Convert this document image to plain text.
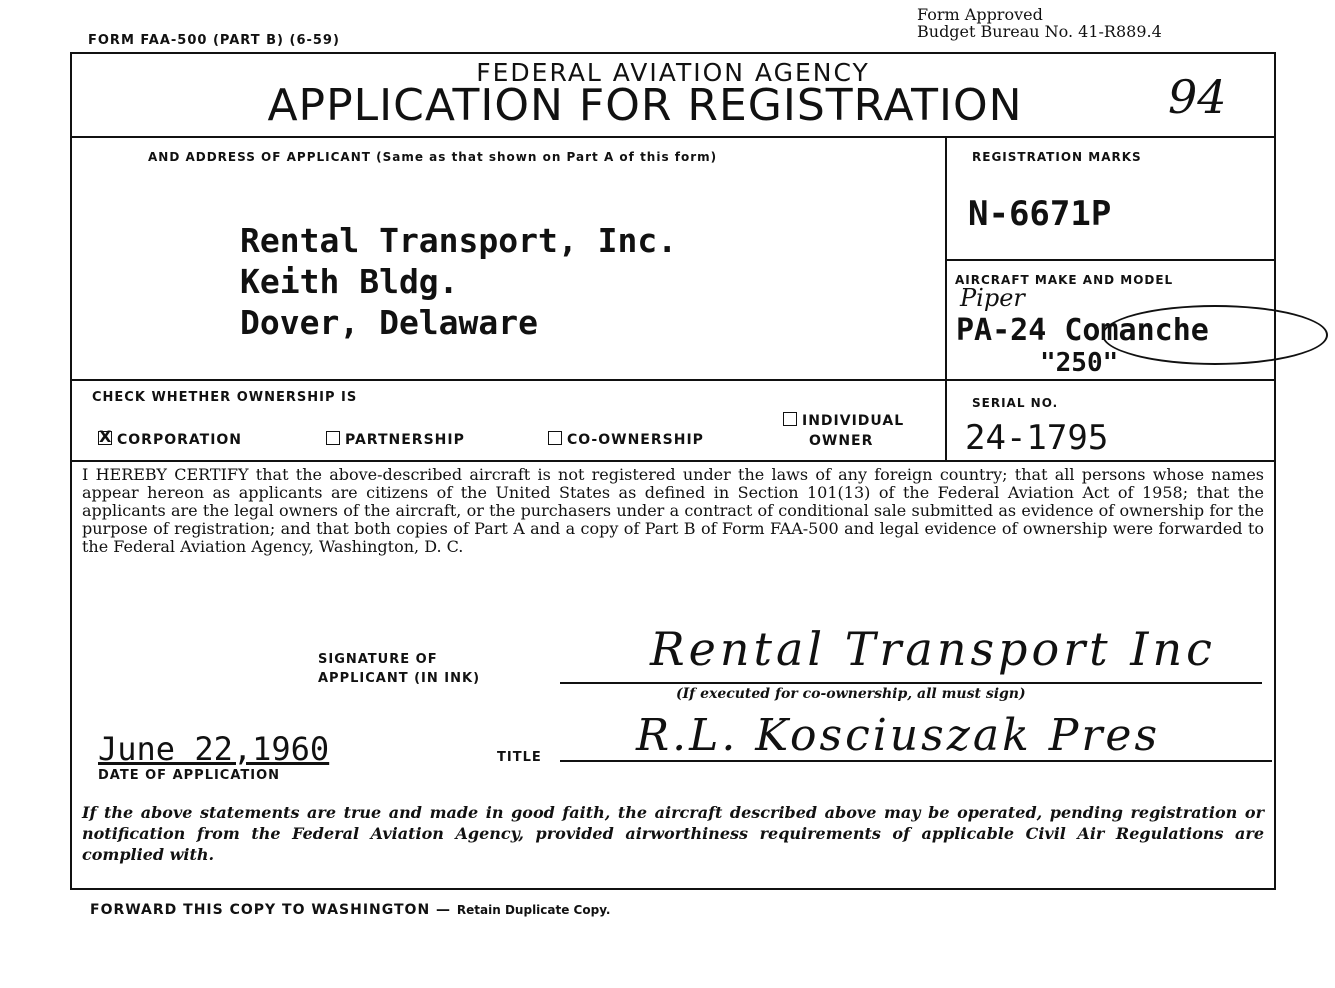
FORM FAA-500 (PART B) (6-59)
Form Approved
Budget Bureau No. 41-R889.4
FEDERAL AVIATION AGENCY
APPLICATION FOR REGISTRATION	94
AND ADDRESS OF APPLICANT (Same as that shown on Part A of this form)
Rental Transport, Inc.
Keith Bldg.
Dover, Delaware
REGISTRATION MARKS
N-6671P
AIRCRAFT MAKE AND MODEL
Piper
PA-24 Comanche
"250"
CHECK WHETHER OWNERSHIP IS
XCORPORATION	PARTNERSHIP	CO-OWNERSHIP
INDIVIDUAL
OWNER
SERIAL NO.
24-1795
I HEREBY CERTIFY that the above-described aircraft is not registered under the laws of any foreign country; that all persons whose names appear hereon as applicants are citizens of the United States as defined in Section 101(13) of the Federal Aviation Act of 1958; that the applicants are the legal owners of the aircraft, or the purchasers under a contract of conditional sale submitted as evidence of ownership for the purpose of registration; and that both copies of Part A and a copy of Part B of Form FAA-500 and legal evidence of ownership were forwarded to the Federal Aviation Agency, Washington, D. C.
SIGNATURE OF
APPLICANT (IN INK)
Rental Transport Inc
(If executed for co-ownership, all must sign)
June 22,1960
DATE OF APPLICATION
TITLE R.L. Kosciuszak Pres
If the above statements are true and made in good faith, the aircraft described above may be operated, pending registration or notification from the Federal Aviation Agency, provided airworthiness requirements of applicable Civil Air Regulations are complied with.
FORWARD THIS COPY TO WASHINGTON — Retain Duplicate Copy.
